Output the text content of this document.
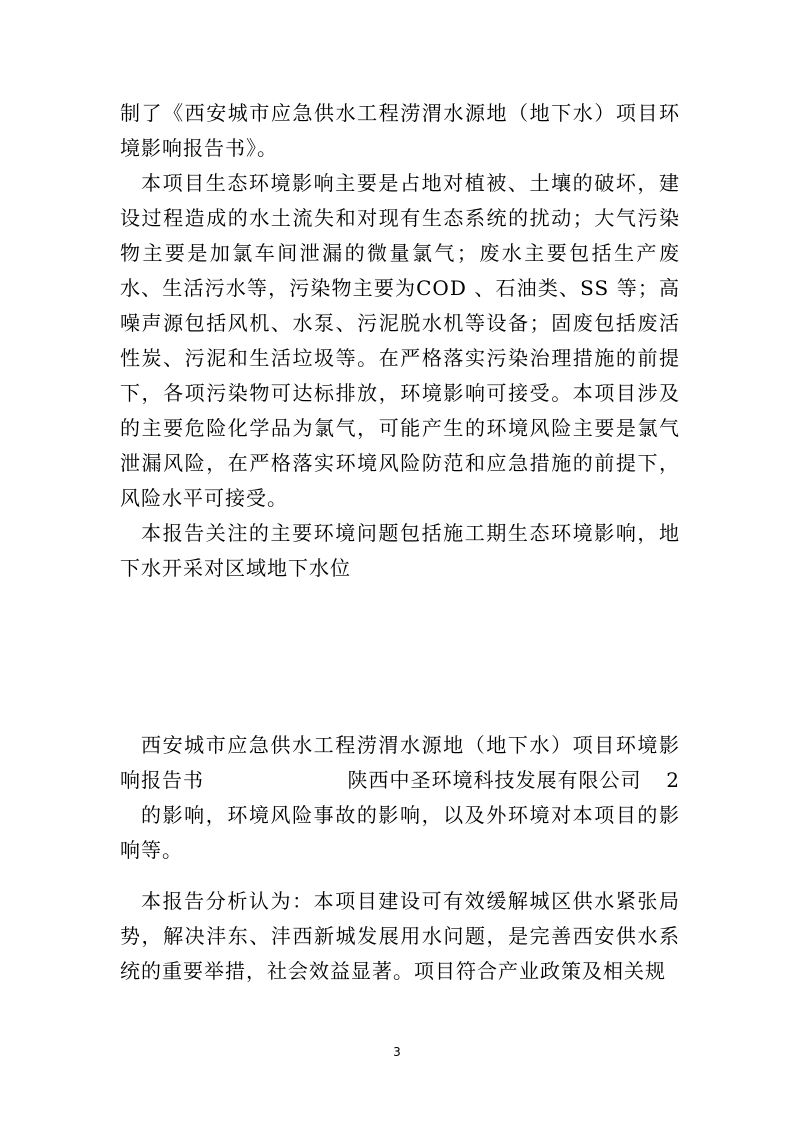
制了《西安城市应急供水工程涝渭水源地（地下水）项目环境影响报告书》。

本项目生态环境影响主要是占地对植被、土壤的破坏，建设过程造成的水土流失和对现有生态系统的扰动；大气污染物主要是加氯车间泄漏的微量氯气；废水主要包括生产废水、生活污水等，污染物主要为COD 、石油类、SS 等；高噪声源包括风机、水泵、污泥脱水机等设备；固废包括废活性炭、污泥和生活垃圾等。在严格落实污染治理措施的前提下，各项污染物可达标排放，环境影响可接受。本项目涉及的主要危险化学品为氯气，可能产生的环境风险主要是氯气泄漏风险，在严格落实环境风险防范和应急措施的前提下，风险水平可接受。

本报告关注的主要环境问题包括施工期生态环境影响，地下水开采对区域地下水位

西安城市应急供水工程涝渭水源地（地下水）项目环境影响报告书	陕西中圣环境科技发展有限公司 2

的影响，环境风险事故的影响，以及外环境对本项目的影响等。

本报告分析认为：本项目建设可有效缓解城区供水紧张局势，解决沣东、沣西新城发展用水问题，是完善西安供水系统的重要举措，社会效益显著。项目符合产业政策及相关规

3
